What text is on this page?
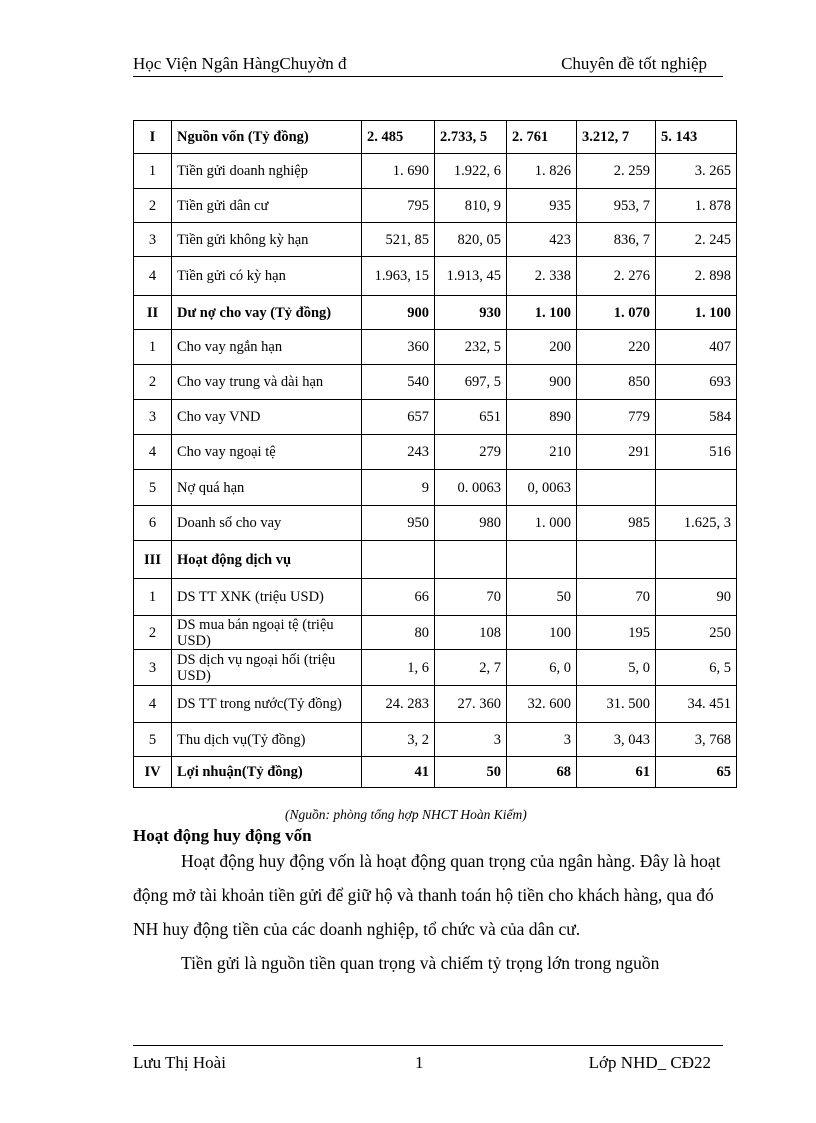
Học Viện Ngân HàngChuyờn đ	Chuyên đề tốt nghiệp
I	Nguồn vốn (Tỷ đồng)	2. 485	2.733, 5	2. 761	3.212, 7	5. 143
1	Tiền gửi doanh nghiệp	1. 690	1.922, 6	1. 826	2. 259	3. 265
2	Tiền gửi dân cư	795	810, 9	935	953, 7	1. 878
3	Tiền gửi không kỳ hạn	521, 85	820, 05	423	836, 7	2. 245
4	Tiền gửi có kỳ hạn	1.963, 15	1.913, 45	2. 338	2. 276	2. 898
II	Dư nợ cho vay (Tỷ đồng)	900	930	1. 100	1. 070	1. 100
1	Cho vay ngắn hạn	360	232, 5	200	220	407
2	Cho vay trung và dài hạn	540	697, 5	900	850	693
3	Cho vay VND	657	651	890	779	584
4	Cho vay ngoại tệ	243	279	210	291	516
5	Nợ quá hạn	9	0. 0063	0, 0063		
6	Doanh số cho vay	950	980	1. 000	985	1.625, 3
III	Hoạt động dịch vụ					
1	DS TT XNK (triệu USD)	66	70	50	70	90
2	DS mua bán ngoại tệ (triệu USD)	80	108	100	195	250
3	DS dịch vụ ngoại hối (triệu USD)	1, 6	2, 7	6, 0	5, 0	6, 5
4	DS TT trong nước(Tỷ đồng)	24. 283	27. 360	32. 600	31. 500	34. 451
5	Thu dịch vụ(Tỷ đồng)	3, 2	3	3	3, 043	3, 768
IV	Lợi nhuận(Tỷ đồng)	41	50	68	61	65
(Nguồn: phòng tổng hợp NHCT Hoàn Kiếm)
Hoạt động huy động vốn

Hoạt động huy động vốn là hoạt động quan trọng của ngân hàng. Đây là hoạt động mở tài khoản tiền gửi để giữ hộ và thanh toán hộ tiền cho khách hàng, qua đó NH huy động tiền của các doanh nghiệp, tổ chức và của dân cư.

Tiền gửi là nguồn tiền quan trọng và chiếm tỷ trọng lớn trong nguồn

Lưu Thị Hoài	1	Lớp NHD_ CĐ22
